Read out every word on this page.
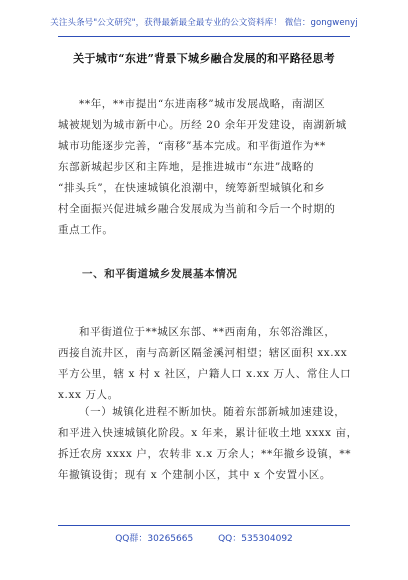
关注头条号"公文研究"，获得最新最全最专业的公文资料库！ 微信：gongwenyj
关于城市“东进”背景下城乡融合发展的和平路径思考

**年，**市提出“东进南移”城市发展战略，南湖区
城被规划为城市新中心。历经 20 余年开发建设，南湖新城
城市功能逐步完善，“南移”基本完成。和平街道作为**
东部新城起步区和主阵地，是推进城市“东进”战略的
“排头兵”，在快速城镇化浪潮中，统筹新型城镇化和乡
村全面振兴促进城乡融合发展成为当前和今后一个时期的
重点工作。

一、和平街道城乡发展基本情况

和平街道位于**城区东部、**西南角，东邻浴潍区，
西接自流井区，南与高新区隔釜溪河相望；辖区面积 xx.xx
平方公里，辖 x 村 x 社区，户籍人口 x.xx 万人、常住人口
x.xx 万人。

（一）城镇化进程不断加快。随着东部新城加速建设，
和平进入快速城镇化阶段。x 年来，累计征收土地 xxxx 亩，
拆迁农房 xxxx 户，农转非 x.x 万余人；**年撤乡设镇，**
年撤镇设街；现有 x 个建制小区，其中 x 个安置小区。

QQ群：30265665	QQ：535304092
